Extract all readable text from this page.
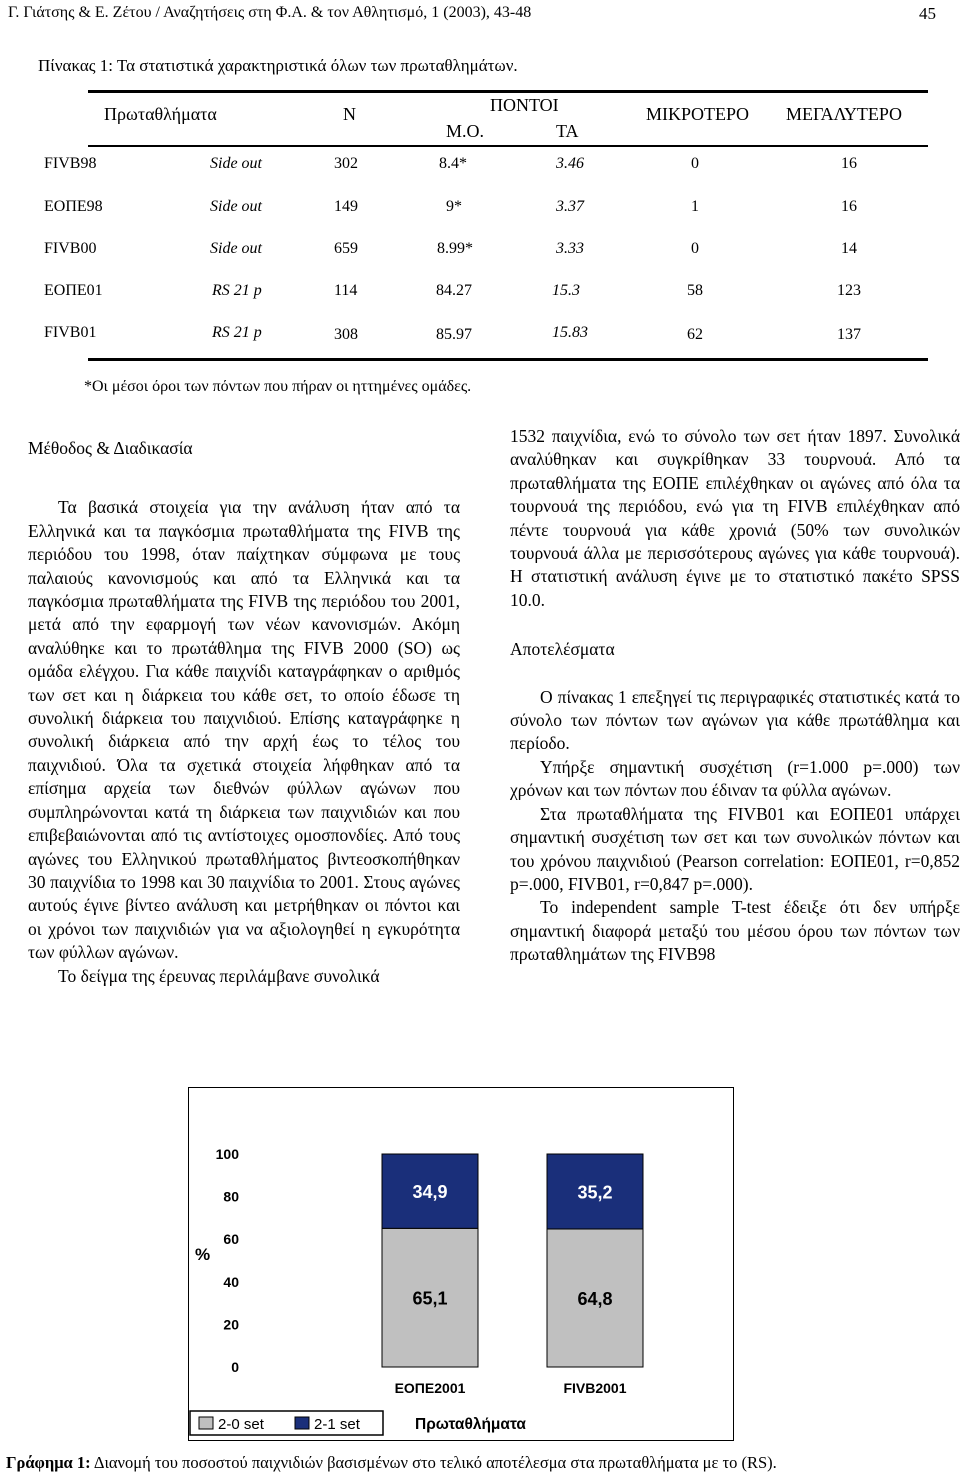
Γ. Γιάτσης & Ε. Ζέτου / Αναζητήσεις στη Φ.Α. & τον Αθλητισμό, 1 (2003), 43-48	45
Πίνακας 1: Τα στατιστικά χαρακτηριστικά όλων των πρωταθλημάτων.
Πρωταθλήματα	Ν	ΠΟΝΤΟΙ
Μ.Ο.	ΤΑ
ΜΙΚΡΟΤΕΡΟ ΜΕΓΑΛΥΤΕΡΟ
FIVB98	Side out	302	8.4*	3.46	0	16
ΕΟΠΕ98	Side out	149	9*	3.37	1	16
FIVB00	Side out	659	8.99*	3.33	0	14
ΕΟΠΕ01	RS 21 p	114	84.27	15.3	58	123
FIVB01	RS 21 p	308	85.97	15.83	62	137
*Οι μέσοι όροι των πόντων που πήραν οι ηττημένες ομάδες.

Μέθοδος & Διαδικασία

Τα βασικά στοιχεία για την ανάλυση ήταν από τα Ελληνικά και τα παγκόσμια πρωταθλήματα της FIVB της περιόδου του 1998, όταν παίχτηκαν σύμφωνα με τους παλαιούς κανονισμούς και από τα Ελληνικά και τα παγκόσμια πρωταθλήματα της FIVB της περιόδου του 2001, μετά από την εφαρμογή των νέων κανονισμών. Ακόμη αναλύθηκε και το πρωτάθλημα της FIVB 2000 (SO) ως ομάδα ελέγχου. Για κάθε παιχνίδι καταγράφηκαν ο αριθμός των σετ και η διάρκεια του κάθε σετ, το οποίο έδωσε τη συνολική διάρκεια του παιχνιδιού. Επίσης καταγράφηκε η συνολική διάρκεια από την αρχή έως το τέλος του παιχνιδιού. Όλα τα σχετικά στοιχεία λήφθηκαν από τα επίσημα αρχεία των διεθνών φύλλων αγώνων που συμπληρώνονται κατά τη διάρκεια των παιχνιδιών και που επιβεβαιώνονται από τις αντίστοιχες ομοσπονδίες. Από τους αγώνες του Ελληνικού πρωταθλήματος βιντεοσκοπήθηκαν 30 παιχνίδια το 1998 και 30 παιχνίδια το 2001. Στους αγώνες αυτούς έγινε βίντεο ανάλυση και μετρήθηκαν οι πόντοι και οι χρόνοι των παιχνιδιών για να αξιολογηθεί η εγκυρότητα των φύλλων αγώνων.

Το δείγμα της έρευνας περιλάμβανε συνολικά

1532 παιχνίδια, ενώ το σύνολο των σετ ήταν 1897. Συνολικά αναλύθηκαν και συγκρίθηκαν 33 τουρνουά. Από τα πρωταθλήματα της ΕΟΠΕ επιλέχθηκαν οι αγώνες από όλα τα τουρνουά της περιόδου, ενώ για τη FIVB επιλέχθηκαν από πέντε τουρνουά για κάθε χρονιά (50% των συνολικών τουρνουά άλλα με περισσότερους αγώνες για κάθε τουρνουά). Η στατιστική ανάλυση έγινε με το στατιστικό πακέτο SPSS 10.0.

Αποτελέσματα

Ο πίνακας 1 επεξηγεί τις περιγραφικές στατιστικές κατά το σύνολο των πόντων των αγώνων για κάθε πρωτάθλημα και περίοδο.

Υπήρξε σημαντική συσχέτιση (r=1.000 p=.000) των χρόνων και των πόντων που έδιναν τα φύλλα αγώνων.

Στα πρωταθλήματα της FIVB01 και ΕΟΠΕ01 υπάρχει σημαντική συσχέτιση των σετ και των συνολικών πόντων και του χρόνου παιχνιδιού (Pearson correlation: ΕΟΠΕ01, r=0,852 p=.000, FIVB01, r=0,847 p=.000).

Το independent sample T-test έδειξε ότι δεν υπήρξε σημαντική διαφορά μεταξύ του μέσου όρου των πόντων των πρωταθλημάτων της FIVB98

0
20
40
60
80
100
%
65,1
34,9
ΕΟΠΕ2001
64,8
35,2
FIVB2001
2-0 set	2-1 set	Πρωταθλήματα
Γράφημα 1: Διανομή του ποσοστού παιχνιδιών βασισμένων στο τελικό αποτέλεσμα στα πρωταθλήματα με το (RS).
